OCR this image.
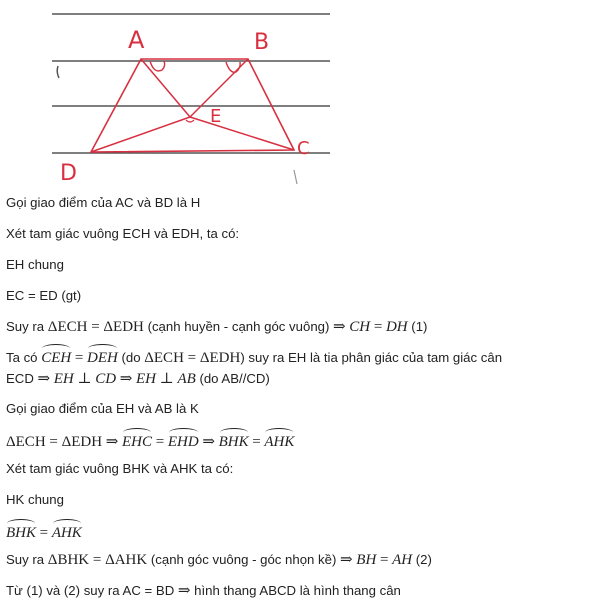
A	B
E
D
C
Gọi giao điểm của AC và BD là H
Xét tam giác vuông ECH và EDH, ta có:
EH chung
EC = ED (gt)
Suy ra ΔECH = ΔEDH (cạnh huyền - cạnh góc vuông) ⇒ CH = DH (1)
Ta có CEH = DEH (do ΔECH = ΔEDH) suy ra EH là tia phân giác của tam giác cân
ECD ⇒ EH ⊥ CD ⇒ EH ⊥ AB (do AB//CD)
Gọi giao điểm của EH và AB là K
ΔECH = ΔEDH ⇒ EHC = EHD ⇒ BHK = AHK
Xét tam giác vuông BHK và AHK ta có:
HK chung
BHK = AHK
Suy ra ΔBHK = ΔAHK (cạnh góc vuông - góc nhọn kề) ⇒ BH = AH (2)
Từ (1) và (2) suy ra AC = BD ⇒ hình thang ABCD là hình thang cân
